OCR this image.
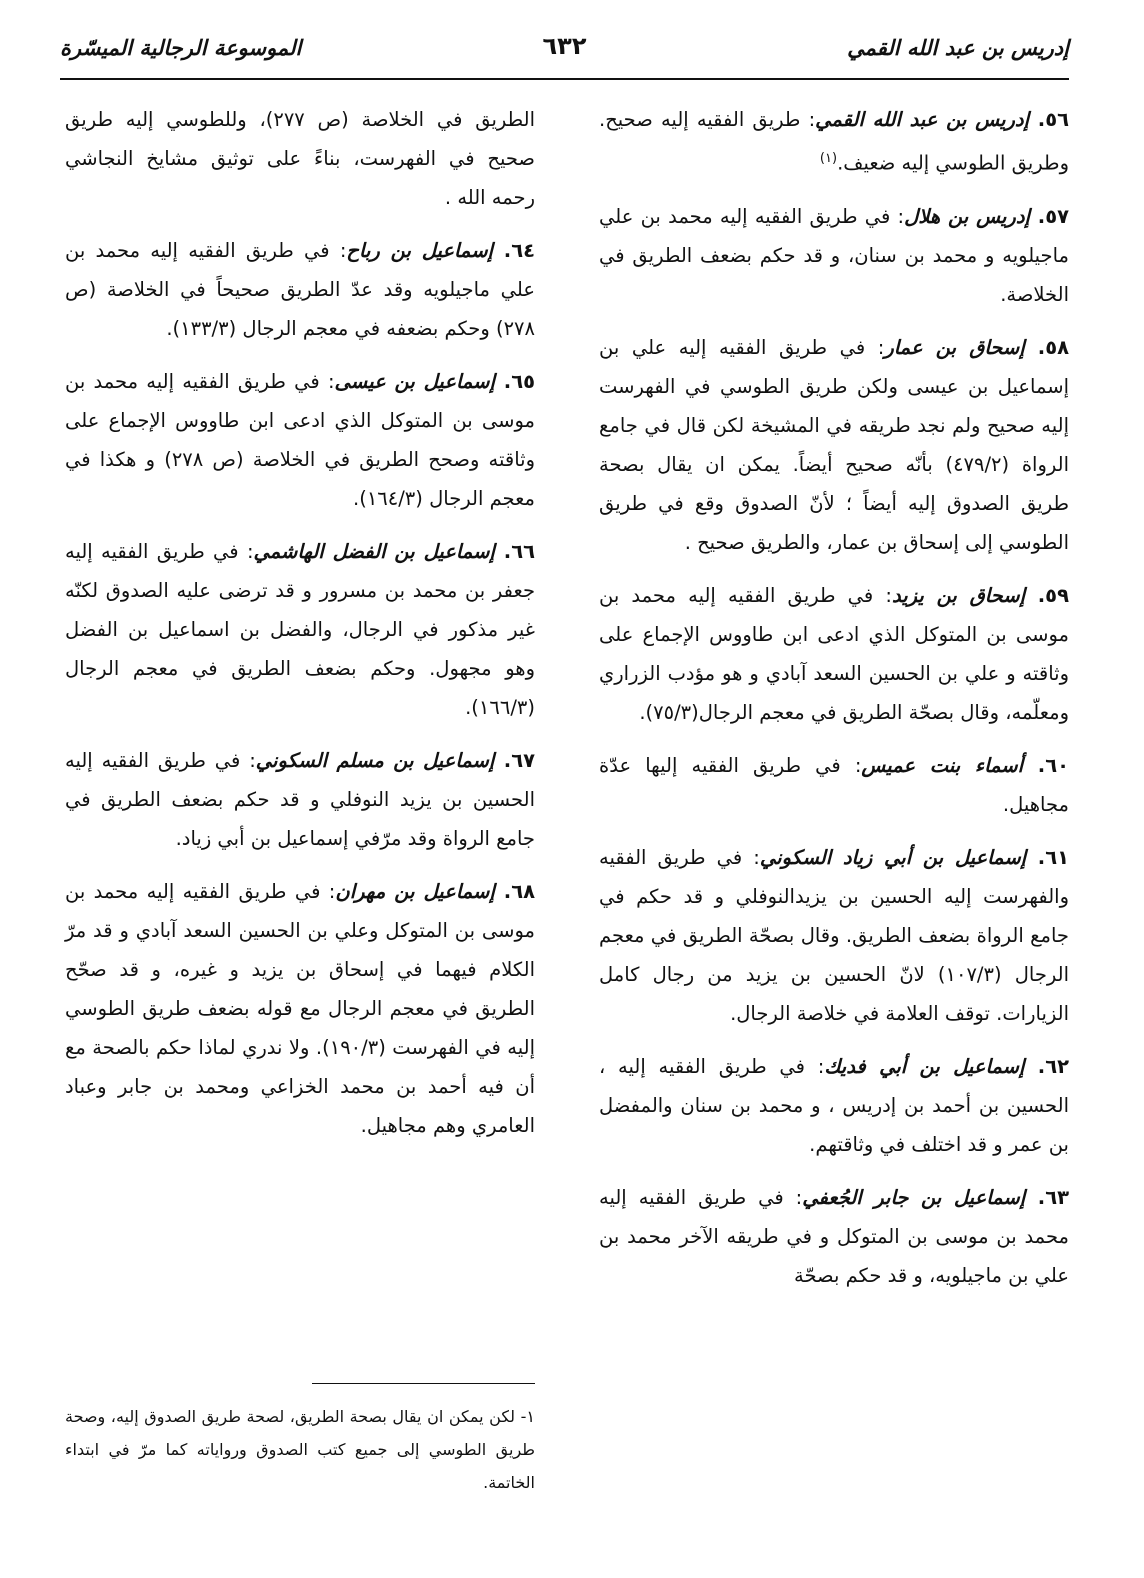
إدريس بن عبد الله القمي
٦٣٢
الموسوعة الرجالية الميسّرة

٥٦. إدريس بن عبد الله القمي: طريق الفقيه إليه صحيح. وطريق الطوسي إليه ضعيف.$^{(١)}$

٥٧. إدريس بن هلال: في طريق الفقيه إليه محمد بن علي ماجيلويه و محمد بن سنان، و قد حكم بضعف الطريق في الخلاصة.

٥٨. إسحاق بن عمار: في طريق الفقيه إليه علي بن إسماعيل بن عيسى ولكن طريق الطوسي في الفهرست إليه صحيح ولم نجد طريقه في المشيخة لكن قال في جامع الرواة (٤٧٩/٢) بأنّه صحيح أيضاً. يمكن ان يقال بصحة طريق الصدوق إليه أيضاً ؛ لأنّ الصدوق وقع في طريق الطوسي إلى إسحاق بن عمار، والطريق صحيح .

٥٩. إسحاق بن يزيد: في طريق الفقيه إليه محمد بن موسى بن المتوكل الذي ادعى ابن طاووس الإجماع على وثاقته و علي بن الحسين السعد آبادي و هو مؤدب الزراري ومعلّمه، وقال بصحّة الطريق في معجم الرجال(٧٥/٣).

٦٠. أسماء بنت عميس: في طريق الفقيه إليها عدّة مجاهيل.

٦١. إسماعيل بن أبي زياد السكوني: في طريق الفقيه والفهرست إليه الحسين بن يزيدالنوفلي و قد حكم في جامع الرواة بضعف الطريق. وقال بصحّة الطريق في معجم الرجال (١٠٧/٣) لانّ الحسين بن يزيد من رجال كامل الزيارات. توقف العلامة في خلاصة الرجال.

٦٢. إسماعيل بن أبي فديك: في طريق الفقيه إليه ، الحسين بن أحمد بن إدريس ، و محمد بن سنان والمفضل بن عمر و قد اختلف في وثاقتهم.

٦٣. إسماعيل بن جابر الجُعفي: في طريق الفقيه إليه محمد بن موسى بن المتوكل و في طريقه الآخر محمد بن علي بن ماجيلويه، و قد حكم بصحّة

الطريق في الخلاصة (ص ٢٧٧)، وللطوسي إليه طريق صحيح في الفهرست، بناءً على توثيق مشايخ النجاشي رحمه الله .

٦٤. إسماعيل بن رباح: في طريق الفقيه إليه محمد بن علي ماجيلويه وقد عدّ الطريق صحيحاً في الخلاصة (ص ٢٧٨) وحكم بضعفه في معجم الرجال (١٣٣/٣).

٦٥. إسماعيل بن عيسى: في طريق الفقيه إليه محمد بن موسى بن المتوكل الذي ادعى ابن طاووس الإجماع على وثاقته وصحح الطريق في الخلاصة (ص ٢٧٨) و هكذا في معجم الرجال (١٦٤/٣).

٦٦. إسماعيل بن الفضل الهاشمي: في طريق الفقيه إليه جعفر بن محمد بن مسرور و قد ترضى عليه الصدوق لكنّه غير مذكور في الرجال، والفضل بن اسماعيل بن الفضل وهو مجهول. وحكم بضعف الطريق في معجم الرجال (١٦٦/٣).

٦٧. إسماعيل بن مسلم السكوني: في طريق الفقيه إليه الحسين بن يزيد النوفلي و قد حكم بضعف الطريق في جامع الرواة وقد مرّفي إسماعيل بن أبي زياد.

٦٨. إسماعيل بن مهران: في طريق الفقيه إليه محمد بن موسى بن المتوكل وعلي بن الحسين السعد آبادي و قد مرّ الكلام فيهما في إسحاق بن يزيد و غيره، و قد صحّح الطريق في معجم الرجال مع قوله بضعف طريق الطوسي إليه في الفهرست (١٩٠/٣). ولا ندري لماذا حكم بالصحة مع أن فيه أحمد بن محمد الخزاعي ومحمد بن جابر وعباد العامري وهم مجاهيل.

١- لكن يمكن ان يقال بصحة الطريق، لصحة طريق الصدوق إليه، وصحة طريق الطوسي إلى جميع كتب الصدوق ورواياته كما مرّ في ابتداء الخاتمة.
